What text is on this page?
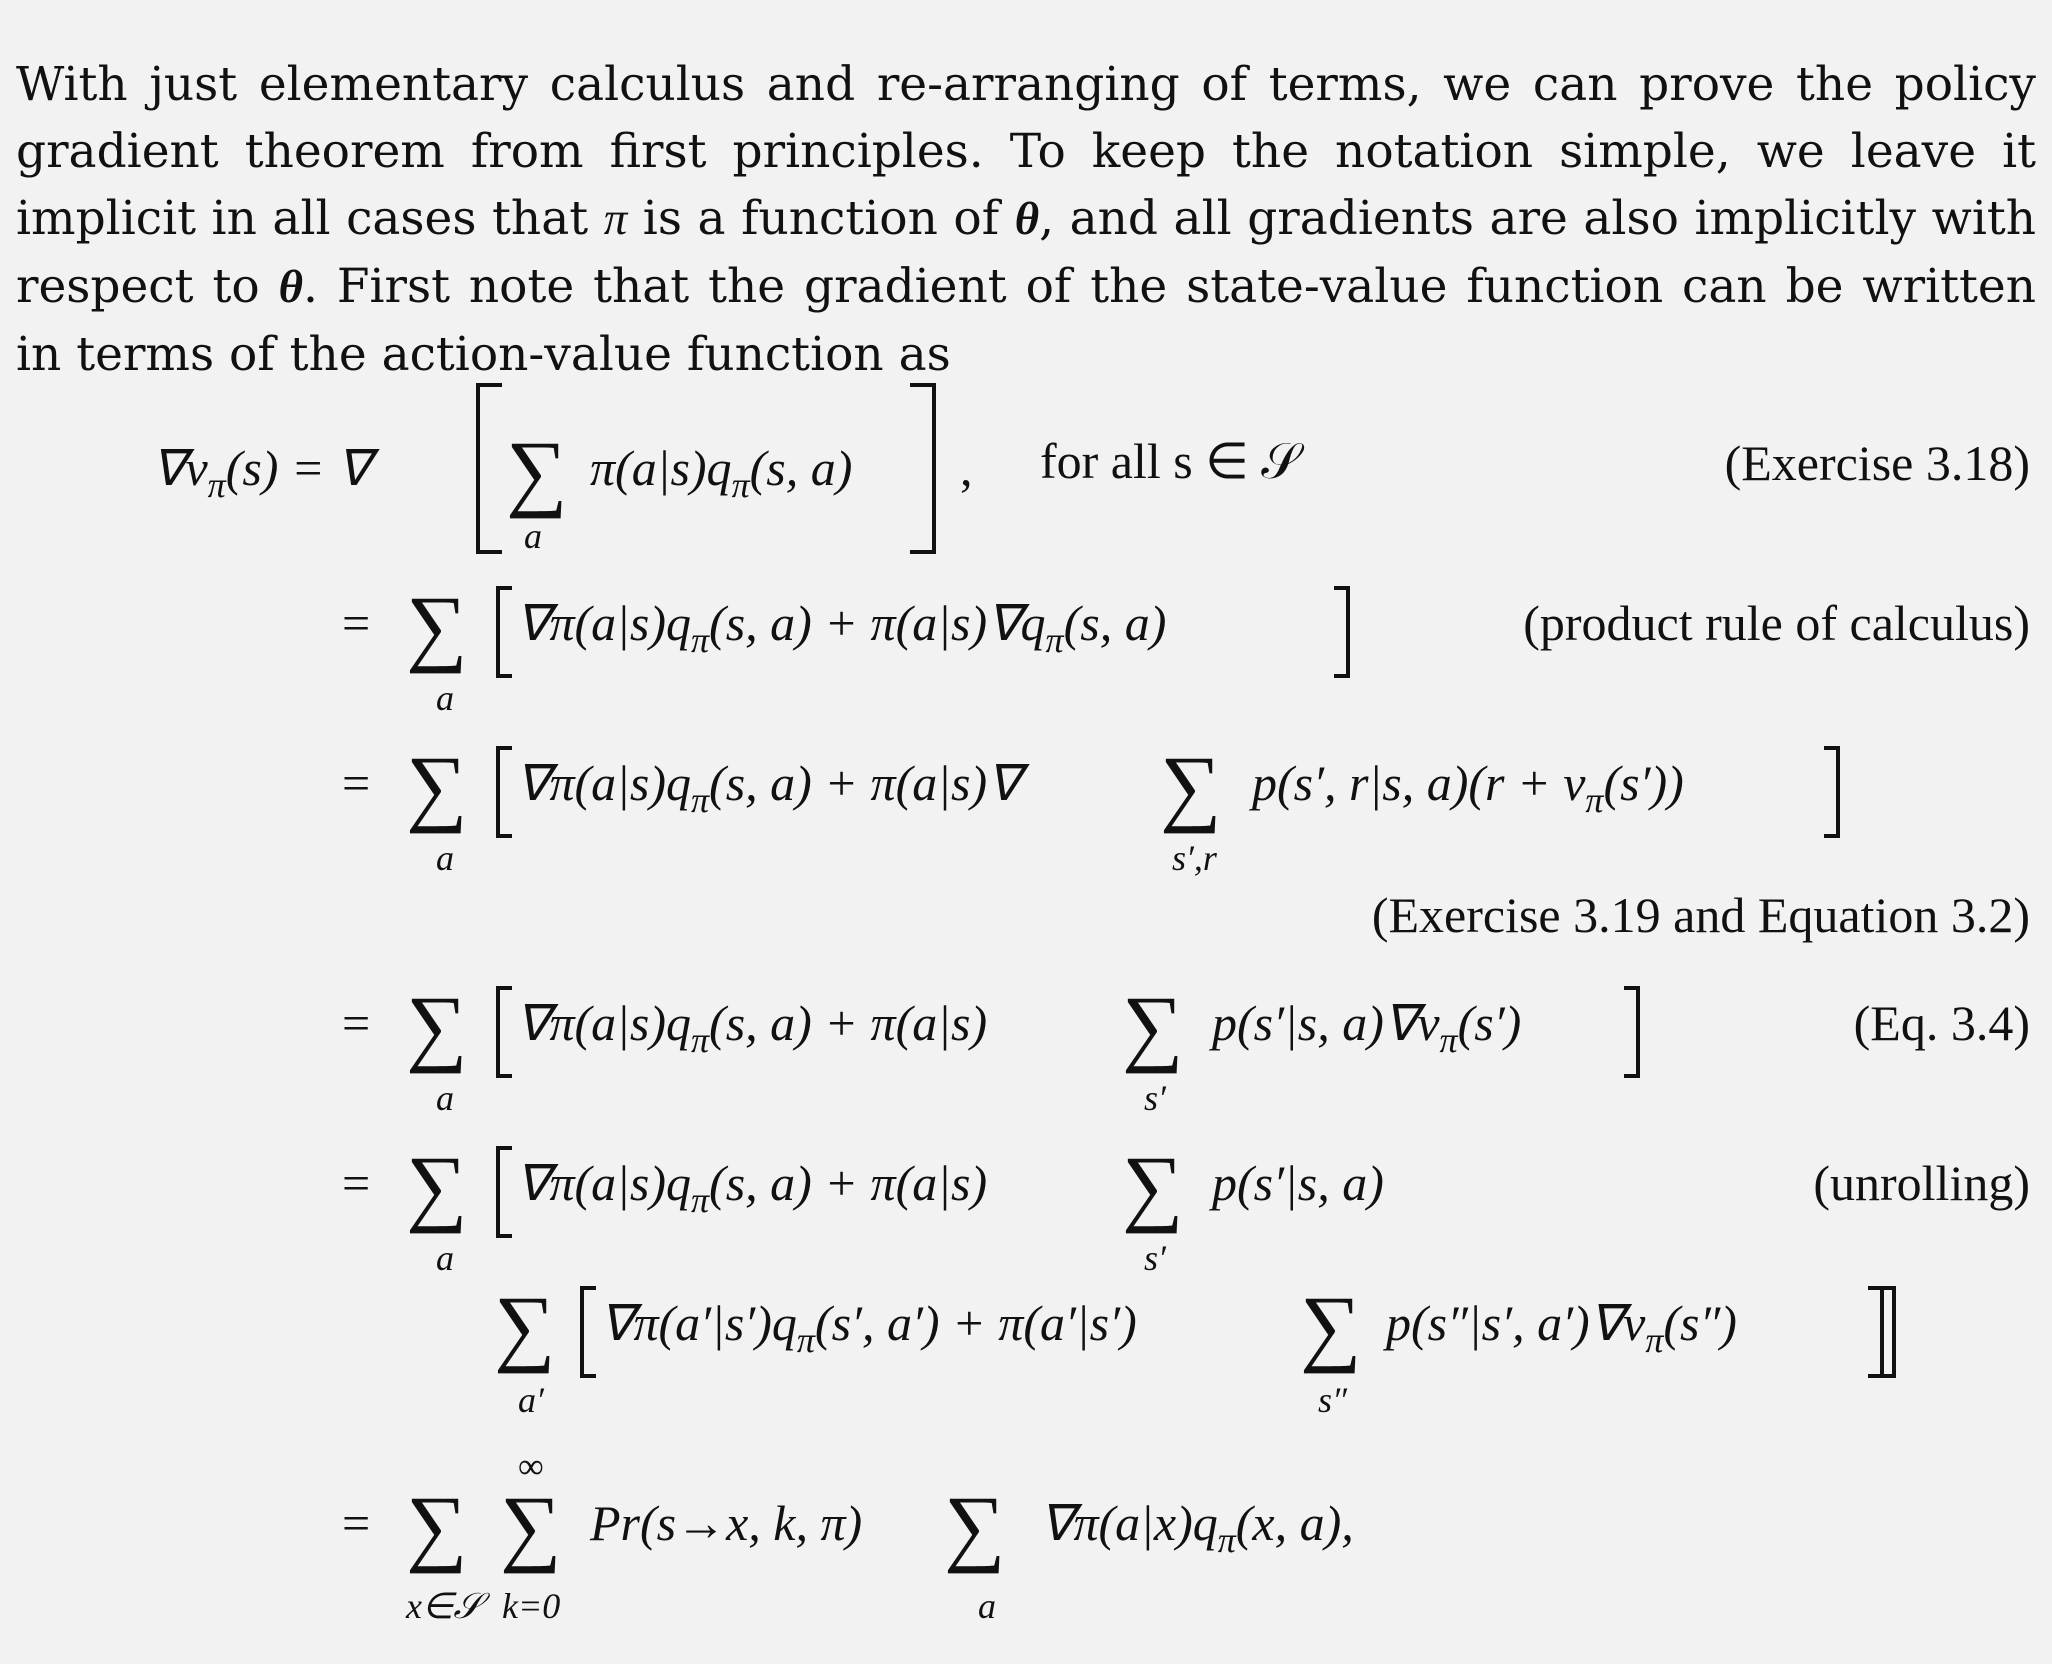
With just elementary calculus and re-arranging of terms, we can prove the policy gradient theorem from first principles. To keep the notation simple, we leave it implicit in all cases that π is a function of θ, and all gradients are also implicitly with respect to θ. First note that the gradient of the state-value function can be written in terms of the action-value function as

$\nabla v_\pi(s)$ = ∇ ∑
a
$\pi(a|s)q_\pi(s$, a) , for all s ∈ 𝒮	(Exercise 3.18)
= ∑
a
$\nabla\pi(a|s)q_\pi(s$, $a) + \pi(a|s)\nabla q_\pi(s$, a)	(product rule of calculus)
= ∑
a
$\nabla\pi(a|s)q_\pi(s$, a) + π(a|s)∇ ∑
s′,r
p(s′, r|s, $a)(r + v_\pi(s'))$
(Exercise 3.19 and Equation 3.2)
= ∑
a
$\nabla\pi(a|s)q_\pi(s$, a) + π(a|s) ∑
s′
p(s′|s, $a)\nabla v_\pi(s')$	(Eq. 3.4)
= ∑
a
$\nabla\pi(a|s)q_\pi(s$, a) + π(a|s) ∑
s′
p(s′|s, a)	(unrolling)
∑
a′
$\nabla\pi(a'|s')q_\pi(s'$, a′) + π(a′|s′) ∑
s″
p(s″|s′, $a')\nabla v_\pi(s'')$
= ∑
x∈𝒮
∑
∞
k=0
Pr(s→x, k, π) ∑
a
$\nabla\pi(a|x)q_\pi(x$, a),
